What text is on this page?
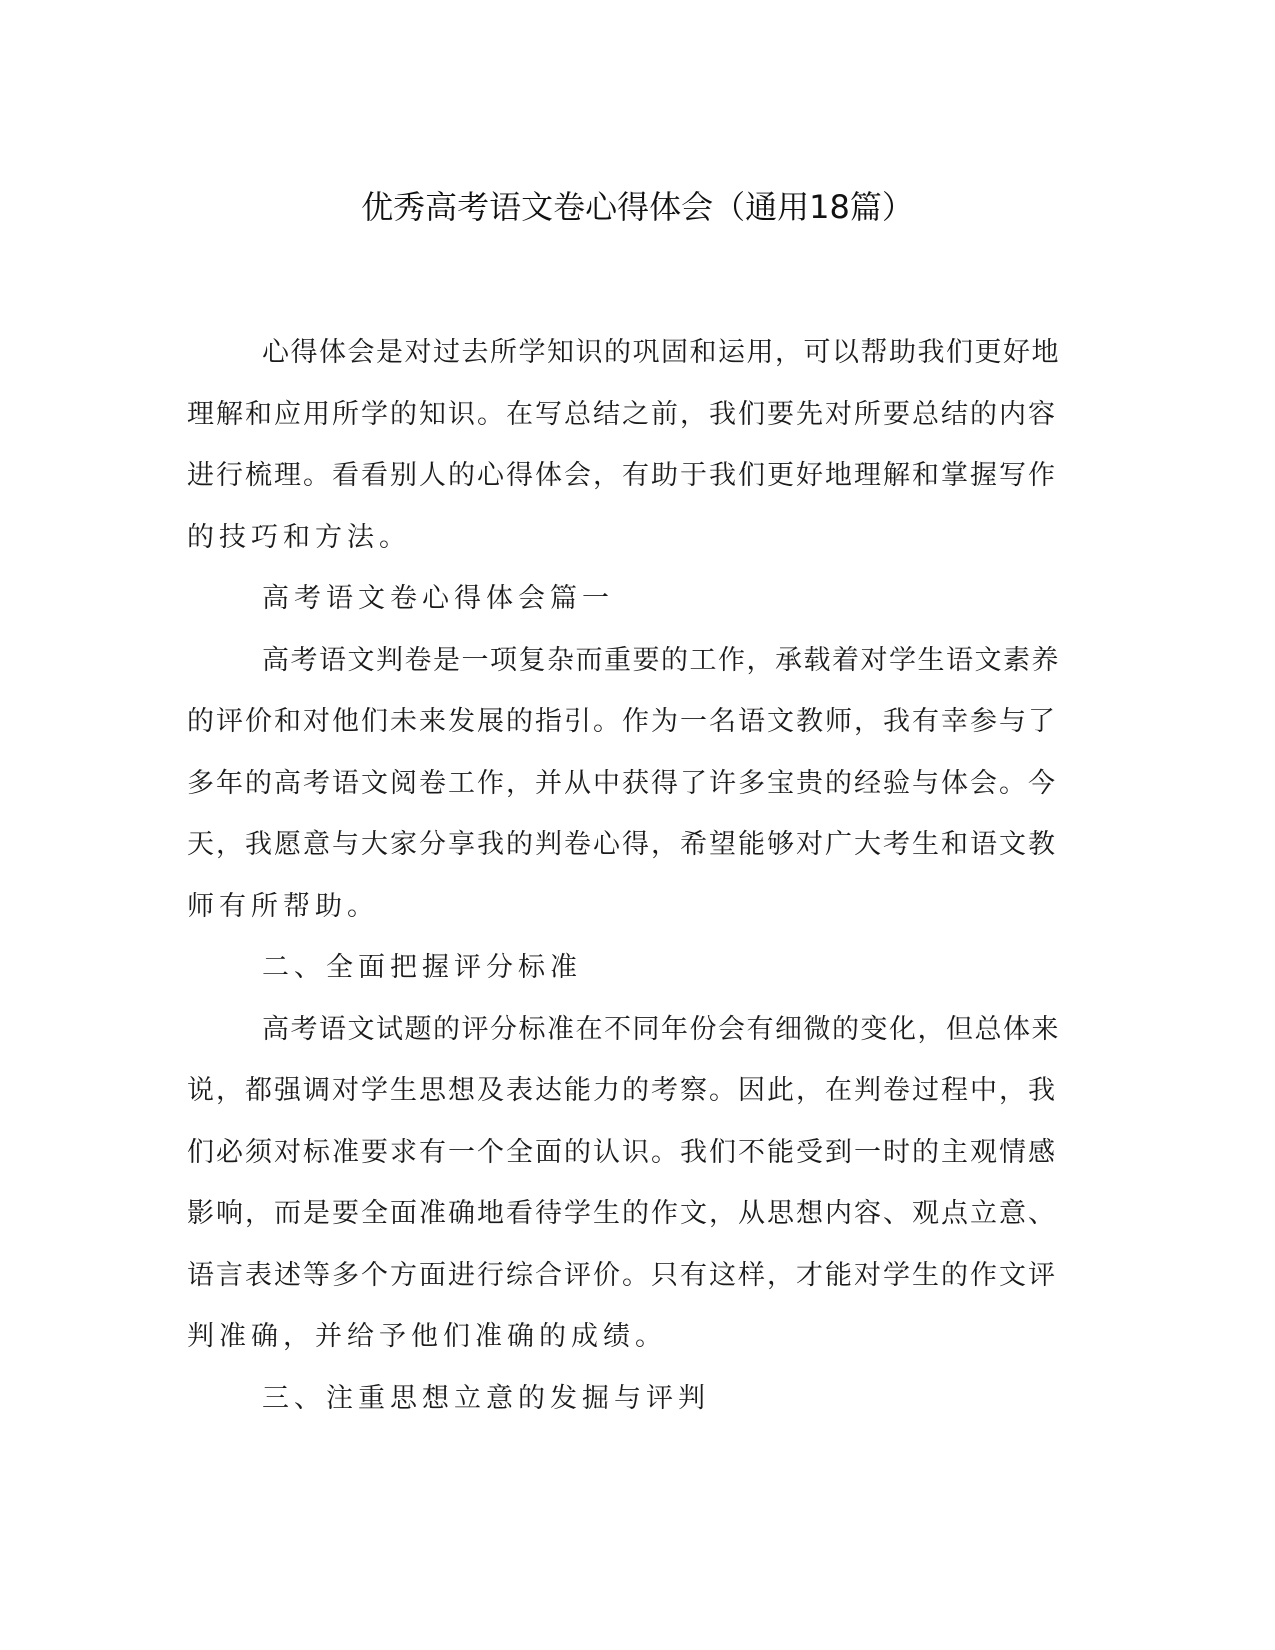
优秀高考语文卷心得体会（通用18篇）
心得体会是对过去所学知识的巩固和运用，可以帮助我们更好地
理解和应用所学的知识。在写总结之前，我们要先对所要总结的内容
进行梳理。看看别人的心得体会，有助于我们更好地理解和掌握写作
的技巧和方法。
高考语文卷心得体会篇一
高考语文判卷是一项复杂而重要的工作，承载着对学生语文素养
的评价和对他们未来发展的指引。作为一名语文教师，我有幸参与了
多年的高考语文阅卷工作，并从中获得了许多宝贵的经验与体会。今
天，我愿意与大家分享我的判卷心得，希望能够对广大考生和语文教
师有所帮助。
二、全面把握评分标准
高考语文试题的评分标准在不同年份会有细微的变化，但总体来
说，都强调对学生思想及表达能力的考察。因此，在判卷过程中，我
们必须对标准要求有一个全面的认识。我们不能受到一时的主观情感
影响，而是要全面准确地看待学生的作文，从思想内容、观点立意、
语言表述等多个方面进行综合评价。只有这样，才能对学生的作文评
判准确，并给予他们准确的成绩。
三、注重思想立意的发掘与评判
